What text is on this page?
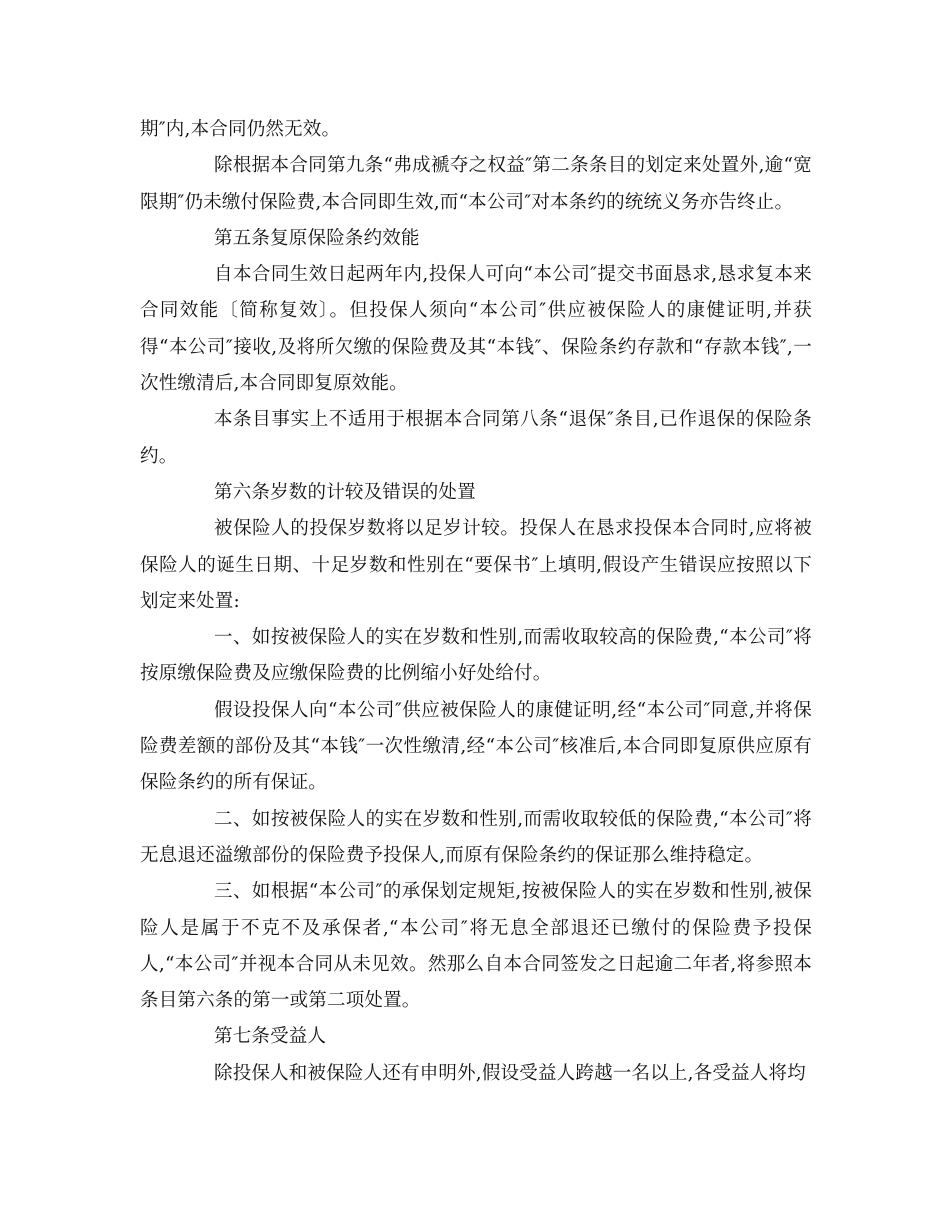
期″内,本合同仍然无效。

除根据本合同第九条“弗成褫夺之权益″第二条条目的划定来处置外,逾“宽限期″仍未缴付保险费,本合同即生效,而“本公司″对本条约的统统义务亦告终止。

第五条复原保险条约效能

自本合同生效日起两年内,投保人可向“本公司″提交书面恳求,恳求复本来合同效能〔简称复效〕。但投保人须向“本公司″供应被保险人的康健证明,并获得“本公司″接收,及将所欠缴的保险费及其“本钱″、保险条约存款和“存款本钱″,一次性缴清后,本合同即复原效能。

本条目事实上不适用于根据本合同第八条“退保″条目,已作退保的保险条约。

第六条岁数的计较及错误的处置

被保险人的投保岁数将以足岁计较。投保人在恳求投保本合同时,应将被保险人的诞生日期、十足岁数和性别在“要保书″上填明,假设产生错误应按照以下划定来处置:

一、如按被保险人的实在岁数和性别,而需收取较高的保险费,“本公司″将按原缴保险费及应缴保险费的比例缩小好处给付。

假设投保人向“本公司″供应被保险人的康健证明,经“本公司″同意,并将保险费差额的部份及其“本钱″一次性缴清,经“本公司″核准后,本合同即复原供应原有保险条约的所有保证。

二、如按被保险人的实在岁数和性别,而需收取较低的保险费,“本公司″将无息退还溢缴部份的保险费予投保人,而原有保险条约的保证那么维持稳定。

三、如根据“本公司″的承保划定规矩,按被保险人的实在岁数和性别,被保险人是属于不克不及承保者,“本公司″将无息全部退还已缴付的保险费予投保人,“本公司″并视本合同从未见效。然那么自本合同签发之日起逾二年者,将参照本条目第六条的第一或第二项处置。

第七条受益人

除投保人和被保险人还有申明外,假设受益人跨越一名以上,各受益人将均
